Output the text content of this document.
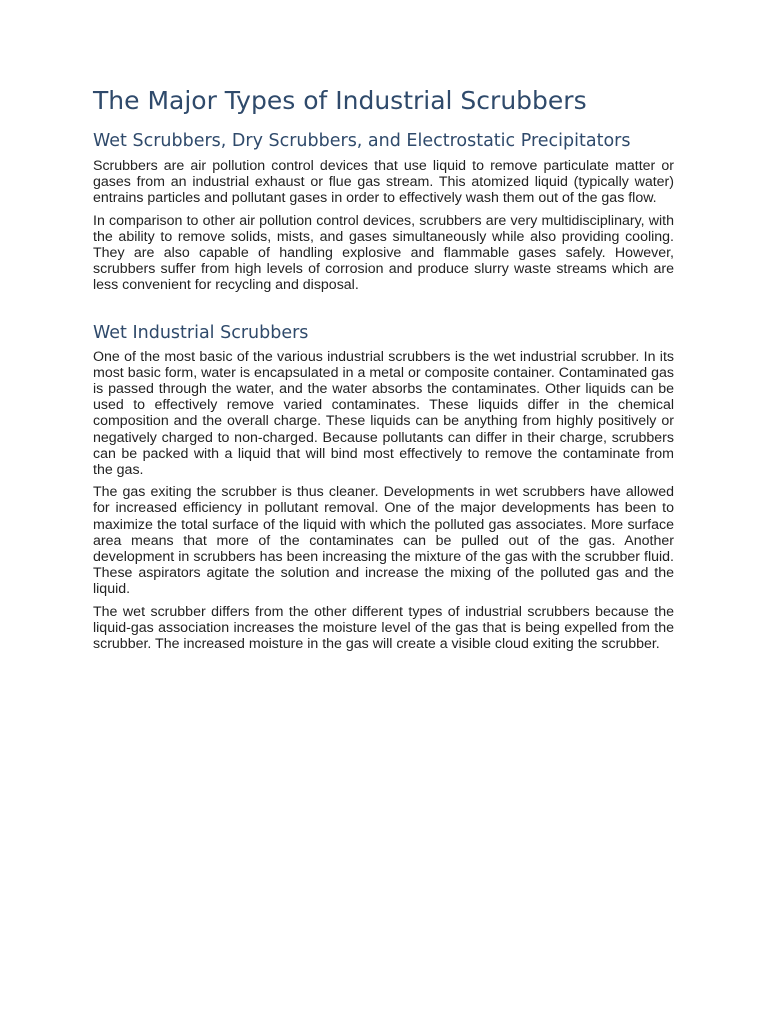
The Major Types of Industrial Scrubbers
Wet Scrubbers, Dry Scrubbers, and Electrostatic Precipitators

Scrubbers are air pollution control devices that use liquid to remove particulate matter or gases from an industrial exhaust or flue gas stream. This atomized liquid (typically water) entrains particles and pollutant gases in order to effectively wash them out of the gas flow.

In comparison to other air pollution control devices, scrubbers are very multidisciplinary, with the ability to remove solids, mists, and gases simultaneously while also providing cooling. They are also capable of handling explosive and flammable gases safely. However, scrubbers suffer from high levels of corrosion and produce slurry waste streams which are less convenient for recycling and disposal.

Wet Industrial Scrubbers

One of the most basic of the various industrial scrubbers is the wet industrial scrubber. In its most basic form, water is encapsulated in a metal or composite container. Contaminated gas is passed through the water, and the water absorbs the contaminates. Other liquids can be used to effectively remove varied contaminates. These liquids differ in the chemical composition and the overall charge. These liquids can be anything from highly positively or negatively charged to non-charged. Because pollutants can differ in their charge, scrubbers can be packed with a liquid that will bind most effectively to remove the contaminate from the gas.

The gas exiting the scrubber is thus cleaner. Developments in wet scrubbers have allowed for increased efficiency in pollutant removal. One of the major developments has been to maximize the total surface of the liquid with which the polluted gas associates. More surface area means that more of the contaminates can be pulled out of the gas. Another development in scrubbers has been increasing the mixture of the gas with the scrubber fluid. These aspirators agitate the solution and increase the mixing of the polluted gas and the liquid.

The wet scrubber differs from the other different types of industrial scrubbers because the liquid-gas association increases the moisture level of the gas that is being expelled from the scrubber. The increased moisture in the gas will create a visible cloud exiting the scrubber.
